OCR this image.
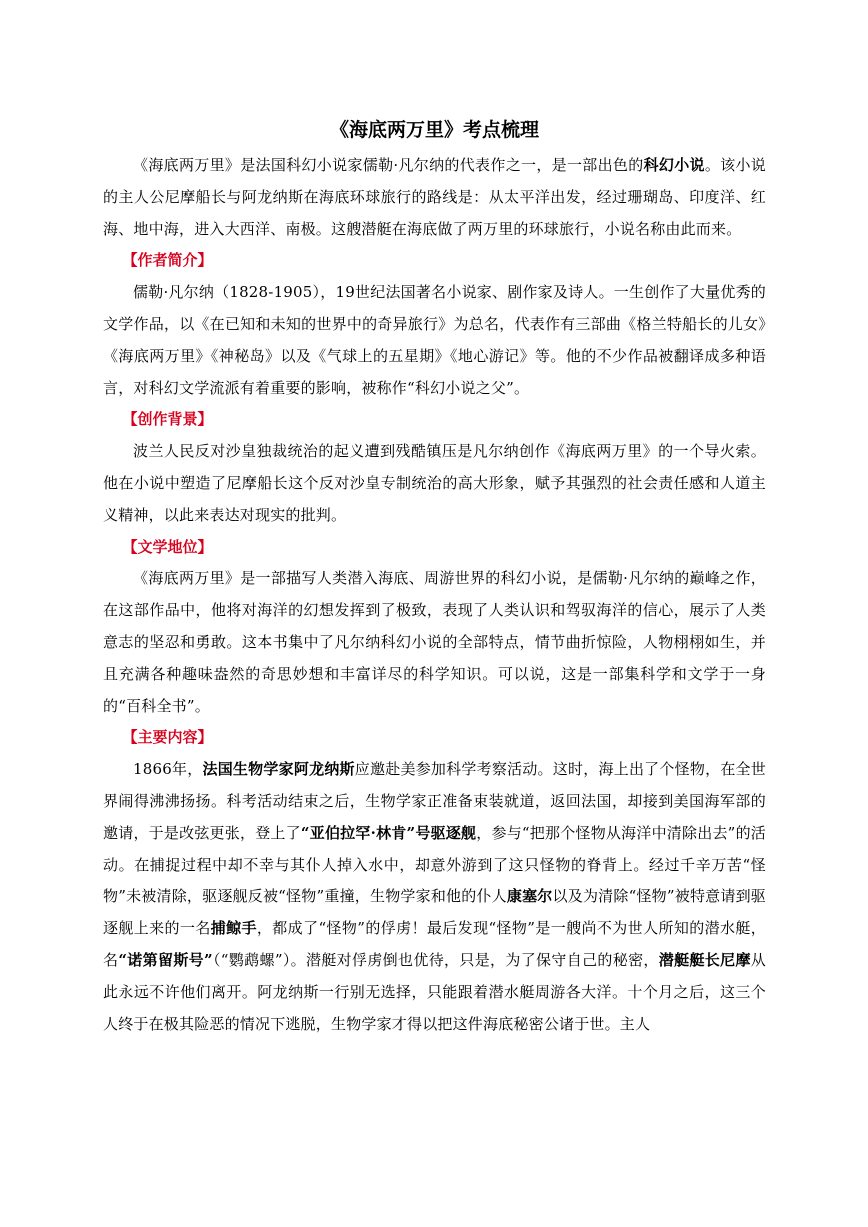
《海底两万里》考点梳理

《海底两万里》是法国科幻小说家儒勒·凡尔纳的代表作之一，是一部出色的科幻小说。该小说的主人公尼摩船长与阿龙纳斯在海底环球旅行的路线是：从太平洋出发，经过珊瑚岛、印度洋、红海、地中海，进入大西洋、南极。这艘潜艇在海底做了两万里的环球旅行，小说名称由此而来。

【作者简介】

儒勒·凡尔纳（1828-1905），19世纪法国著名小说家、剧作家及诗人。一生创作了大量优秀的文学作品，以《在已知和未知的世界中的奇异旅行》为总名，代表作有三部曲《格兰特船长的儿女》《海底两万里》《神秘岛》以及《气球上的五星期》《地心游记》等。他的不少作品被翻译成多种语言，对科幻文学流派有着重要的影响，被称作“科幻小说之父”。

【创作背景】

波兰人民反对沙皇独裁统治的起义遭到残酷镇压是凡尔纳创作《海底两万里》的一个导火索。他在小说中塑造了尼摩船长这个反对沙皇专制统治的高大形象，赋予其强烈的社会责任感和人道主义精神，以此来表达对现实的批判。

【文学地位】

《海底两万里》是一部描写人类潜入海底、周游世界的科幻小说，是儒勒·凡尔纳的巅峰之作，在这部作品中，他将对海洋的幻想发挥到了极致，表现了人类认识和驾驭海洋的信心，展示了人类意志的坚忍和勇敢。这本书集中了凡尔纳科幻小说的全部特点，情节曲折惊险，人物栩栩如生，并且充满各种趣味盎然的奇思妙想和丰富详尽的科学知识。可以说，这是一部集科学和文学于一身的“百科全书”。

【主要内容】

1866年，法国生物学家阿龙纳斯应邀赴美参加科学考察活动。这时，海上出了个怪物，在全世界闹得沸沸扬扬。科考活动结束之后，生物学家正准备束装就道，返回法国，却接到美国海军部的邀请，于是改弦更张，登上了“亚伯拉罕·林肯”号驱逐舰，参与“把那个怪物从海洋中清除出去”的活动。在捕捉过程中却不幸与其仆人掉入水中，却意外游到了这只怪物的脊背上。经过千辛万苦“怪物”未被清除，驱逐舰反被“怪物”重撞，生物学家和他的仆人康塞尔以及为清除“怪物”被特意请到驱逐舰上来的一名捕鲸手，都成了“怪物”的俘虏！最后发现“怪物”是一艘尚不为世人所知的潜水艇，名“诺第留斯号”（“鹦鹉螺”）。潜艇对俘虏倒也优待，只是，为了保守自己的秘密，潜艇艇长尼摩从此永远不许他们离开。阿龙纳斯一行别无选择，只能跟着潜水艇周游各大洋。十个月之后，这三个人终于在极其险恶的情况下逃脱，生物学家才得以把这件海底秘密公诸于世。主人
